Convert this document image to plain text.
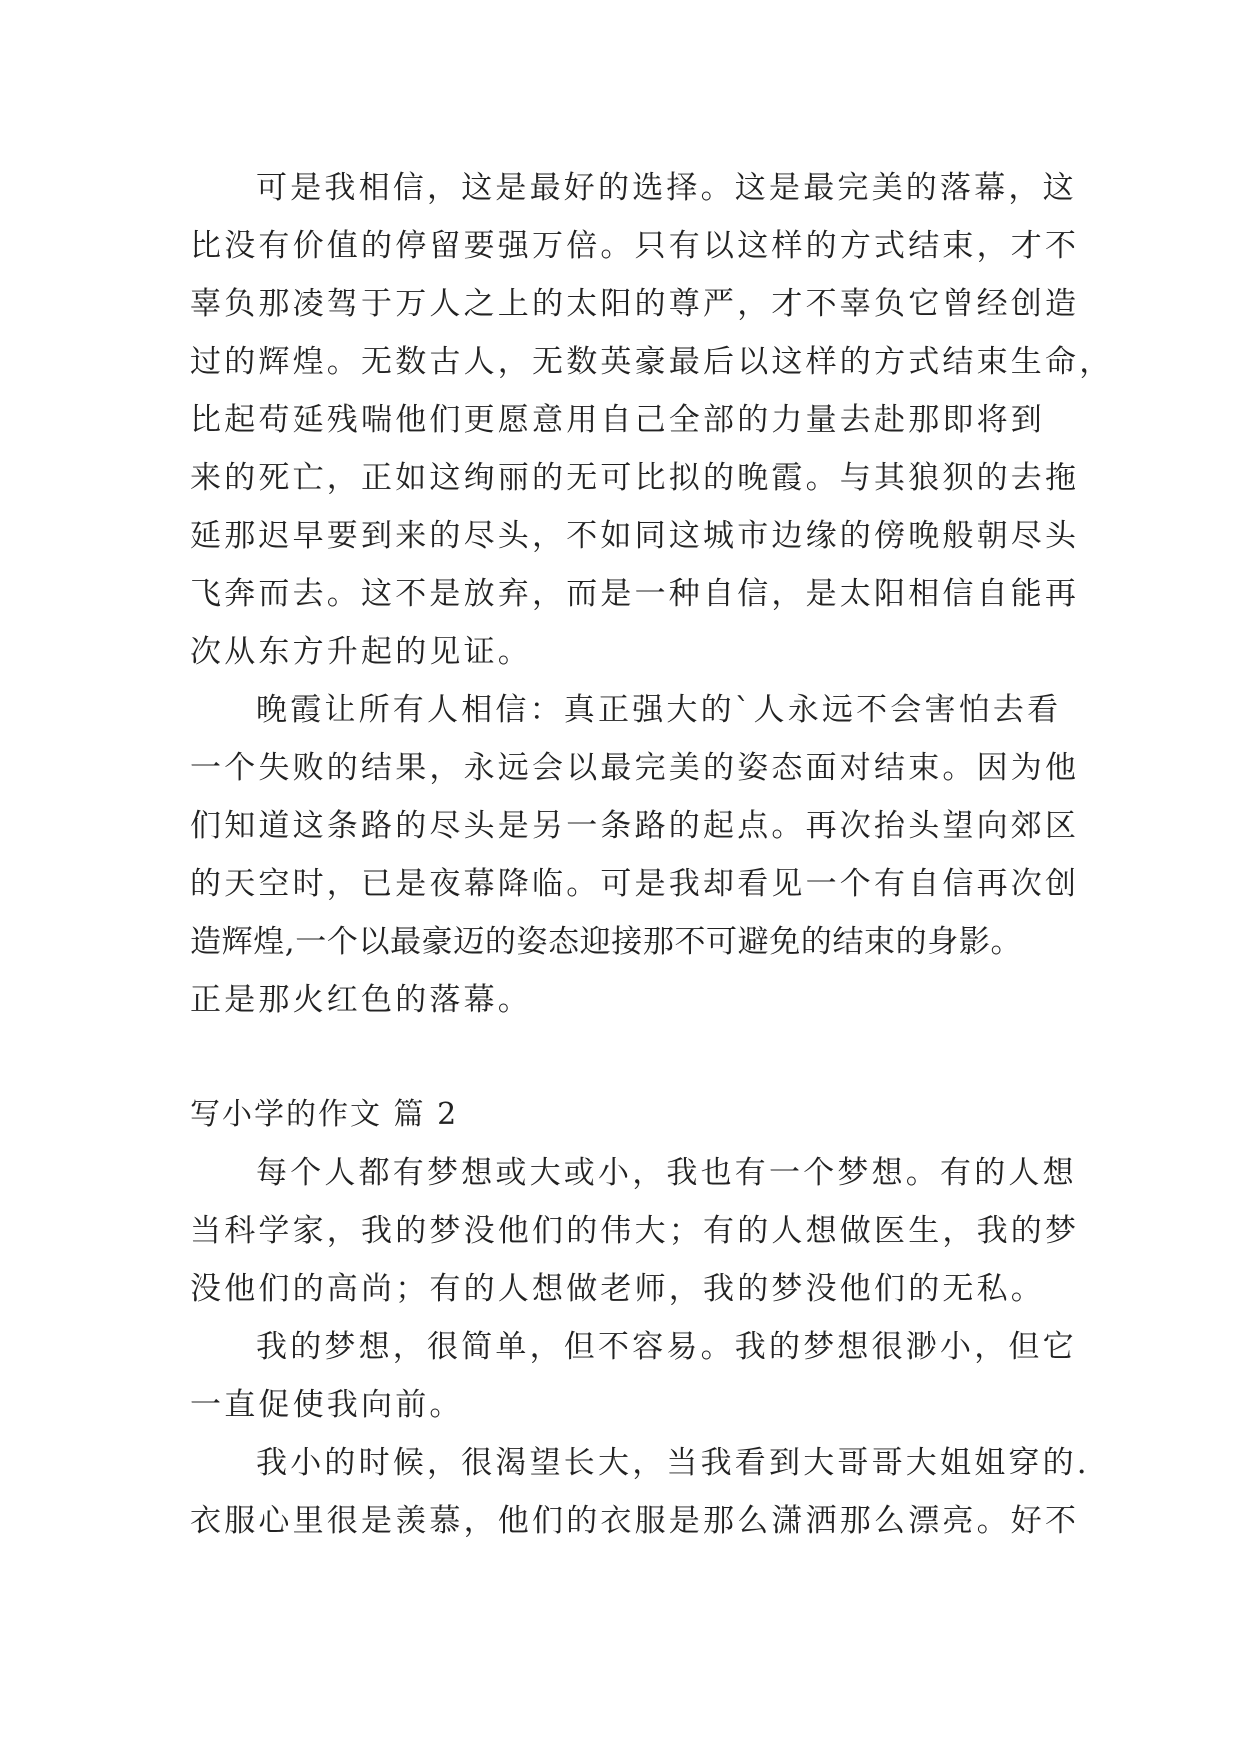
可是我相信，这是最好的选择。这是最完美的落幕，这
比没有价值的停留要强万倍。只有以这样的方式结束，才不
辜负那凌驾于万人之上的太阳的尊严，才不辜负它曾经创造
过的辉煌。无数古人，无数英豪最后以这样的方式结束生命，
比起苟延残喘他们更愿意用自己全部的力量去赴那即将到
来的死亡，正如这绚丽的无可比拟的晚霞。与其狼狈的去拖
延那迟早要到来的尽头，不如同这城市边缘的傍晚般朝尽头
飞奔而去。这不是放弃，而是一种自信，是太阳相信自能再
次从东方升起的见证。
晚霞让所有人相信：真正强大的`人永远不会害怕去看
一个失败的结果，永远会以最完美的姿态面对结束。因为他
们知道这条路的尽头是另一条路的起点。再次抬头望向郊区
的天空时，已是夜幕降临。可是我却看见一个有自信再次创
造辉煌,一个以最豪迈的姿态迎接那不可避免的结束的身影。
正是那火红色的落幕。
写小学的作文 篇 2
每个人都有梦想或大或小，我也有一个梦想。有的人想
当科学家，我的梦没他们的伟大；有的人想做医生，我的梦
没他们的高尚；有的人想做老师，我的梦没他们的无私。
我的梦想，很简单，但不容易。我的梦想很渺小，但它
一直促使我向前。
我小的时候，很渴望长大，当我看到大哥哥大姐姐穿的.
衣服心里很是羡慕，他们的衣服是那么潇洒那么漂亮。好不
